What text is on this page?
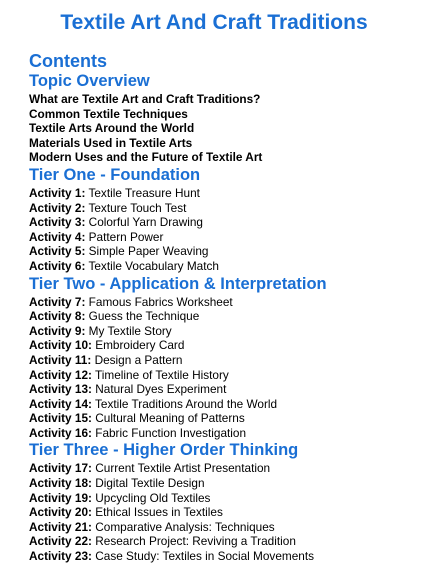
Textile Art And Craft Traditions
Contents
Topic Overview
What are Textile Art and Craft Traditions?
Common Textile Techniques
Textile Arts Around the World
Materials Used in Textile Arts
Modern Uses and the Future of Textile Art
Tier One - Foundation
Activity 1: Textile Treasure Hunt
Activity 2: Texture Touch Test
Activity 3: Colorful Yarn Drawing
Activity 4: Pattern Power
Activity 5: Simple Paper Weaving
Activity 6: Textile Vocabulary Match
Tier Two - Application & Interpretation
Activity 7: Famous Fabrics Worksheet
Activity 8: Guess the Technique
Activity 9: My Textile Story
Activity 10: Embroidery Card
Activity 11: Design a Pattern
Activity 12: Timeline of Textile History
Activity 13: Natural Dyes Experiment
Activity 14: Textile Traditions Around the World
Activity 15: Cultural Meaning of Patterns
Activity 16: Fabric Function Investigation
Tier Three - Higher Order Thinking
Activity 17: Current Textile Artist Presentation
Activity 18: Digital Textile Design
Activity 19: Upcycling Old Textiles
Activity 20: Ethical Issues in Textiles
Activity 21: Comparative Analysis: Techniques
Activity 22: Research Project: Reviving a Tradition
Activity 23: Case Study: Textiles in Social Movements
